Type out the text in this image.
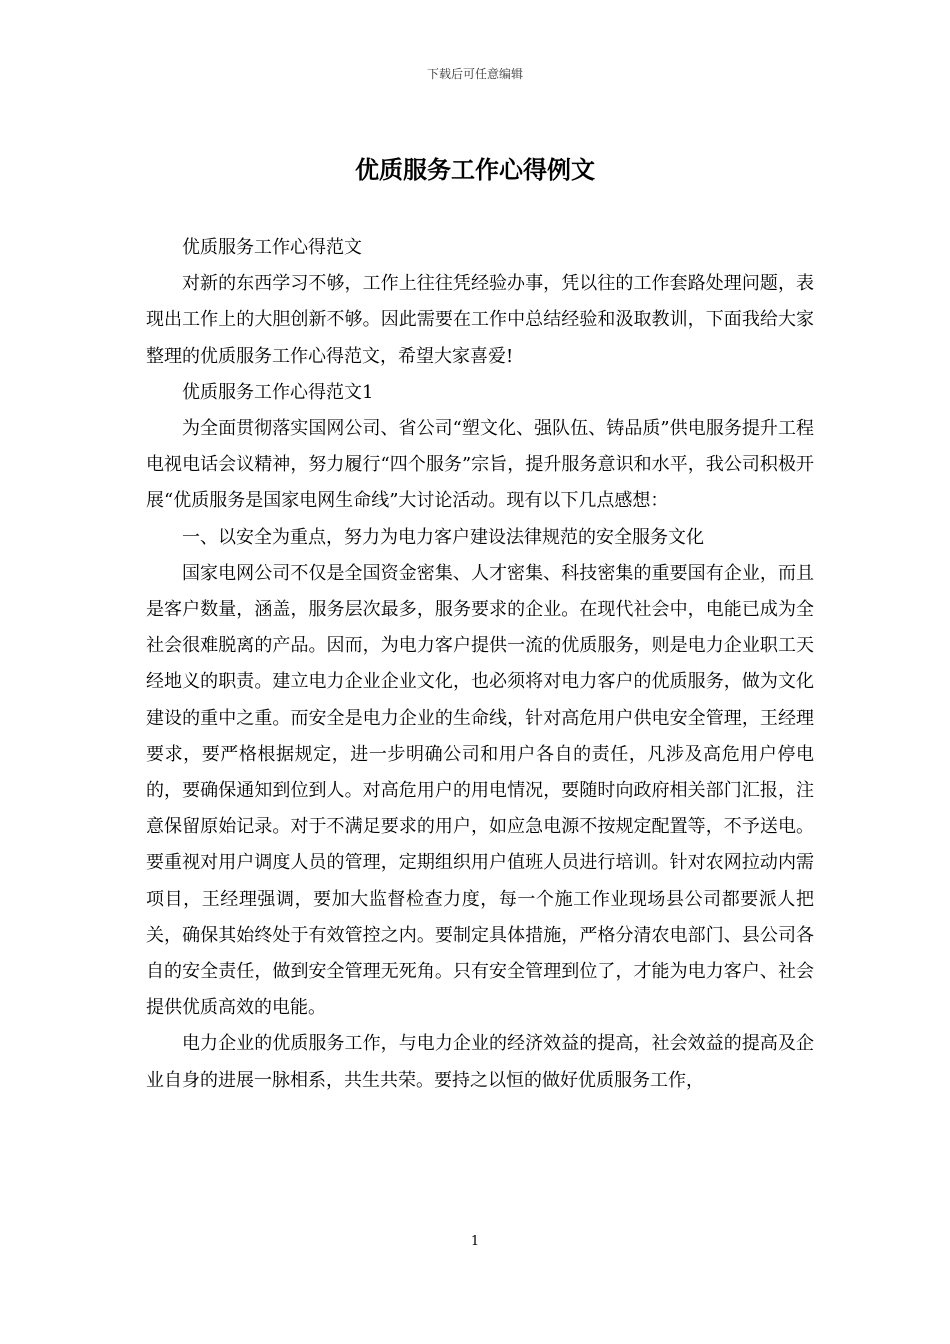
下载后可任意编辑
优质服务工作心得例文

优质服务工作心得范文

对新的东西学习不够，工作上往往凭经验办事，凭以往的工作套路处理问题，表现出工作上的大胆创新不够。因此需要在工作中总结经验和汲取教训，下面我给大家整理的优质服务工作心得范文，希望大家喜爱!

优质服务工作心得范文1

为全面贯彻落实国网公司、省公司“塑文化、强队伍、铸品质”供电服务提升工程电视电话会议精神，努力履行“四个服务”宗旨，提升服务意识和水平，我公司积极开展“优质服务是国家电网生命线”大讨论活动。现有以下几点感想：

一、以安全为重点，努力为电力客户建设法律规范的安全服务文化

国家电网公司不仅是全国资金密集、人才密集、科技密集的重要国有企业，而且是客户数量，涵盖，服务层次最多，服务要求的企业。在现代社会中，电能已成为全社会很难脱离的产品。因而，为电力客户提供一流的优质服务，则是电力企业职工天经地义的职责。建立电力企业企业文化，也必须将对电力客户的优质服务，做为文化建设的重中之重。而安全是电力企业的生命线，针对高危用户供电安全管理，王经理要求，要严格根据规定，进一步明确公司和用户各自的责任，凡涉及高危用户停电的，要确保通知到位到人。对高危用户的用电情况，要随时向政府相关部门汇报，注意保留原始记录。对于不满足要求的用户，如应急电源不按规定配置等，不予送电。要重视对用户调度人员的管理，定期组织用户值班人员进行培训。针对农网拉动内需项目，王经理强调，要加大监督检查力度，每一个施工作业现场县公司都要派人把关，确保其始终处于有效管控之内。要制定具体措施，严格分清农电部门、县公司各自的安全责任，做到安全管理无死角。只有安全管理到位了，才能为电力客户、社会提供优质高效的电能。

电力企业的优质服务工作，与电力企业的经济效益的提高，社会效益的提高及企业自身的进展一脉相系，共生共荣。要持之以恒的做好优质服务工作，

1
